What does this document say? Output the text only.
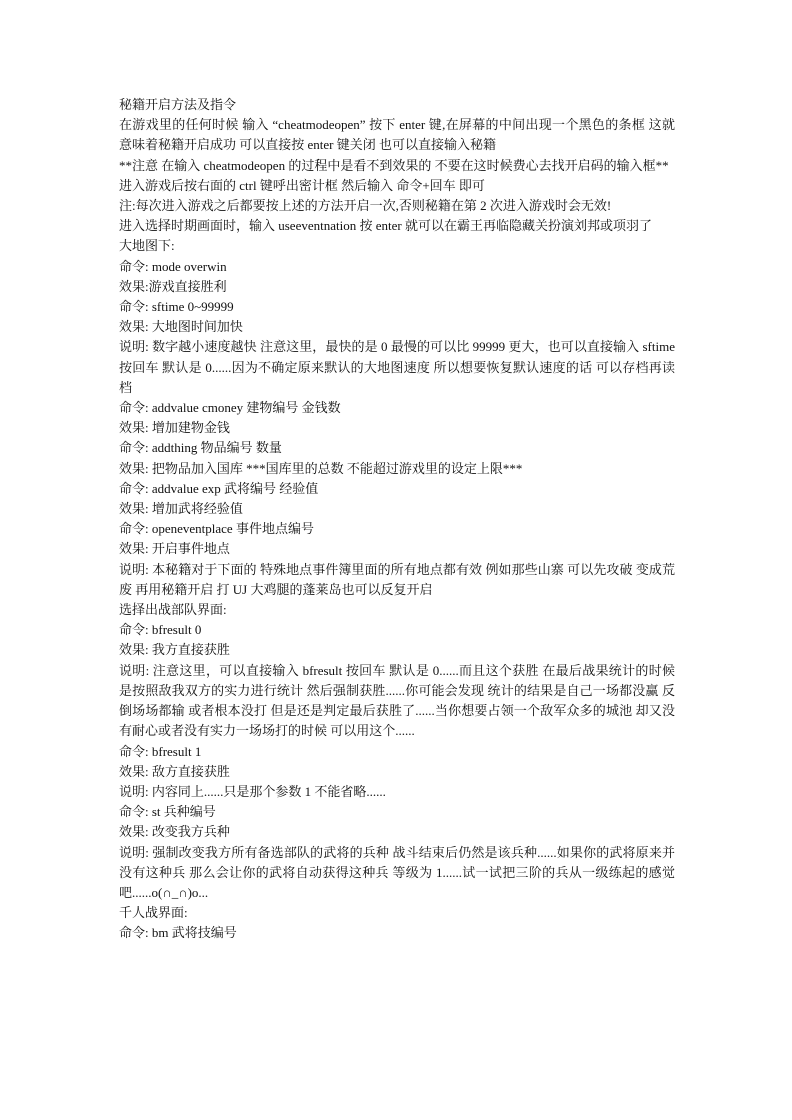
秘籍开启方法及指令

在游戏里的任何时候 输入 “cheatmodeopen” 按下 enter 键,在屏幕的中间出现一个黑色的条框 这就意味着秘籍开启成功 可以直接按 enter 键关闭 也可以直接输入秘籍

**注意 在输入 cheatmodeopen 的过程中是看不到效果的 不要在这时候费心去找开启码的输入框**

进入游戏后按右面的 ctrl 键呼出密计框 然后输入 命令+回车 即可

注:每次进入游戏之后都要按上述的方法开启一次,否则秘籍在第 2 次进入游戏时会无效!

进入选择时期画面时，输入 useeventnation 按 enter 就可以在霸王再临隐藏关扮演刘邦或项羽了

大地图下:

命令: mode overwin

效果:游戏直接胜利

命令: sftime 0~99999

效果: 大地图时间加快

说明: 数字越小速度越快 注意这里，最快的是 0 最慢的可以比 99999 更大，也可以直接输入 sftime 按回车 默认是 0......因为不确定原来默认的大地图速度 所以想要恢复默认速度的话 可以存档再读档

命令: addvalue cmoney 建物编号 金钱数

效果: 增加建物金钱

命令: addthing 物品编号 数量

效果: 把物品加入国库 ***国库里的总数 不能超过游戏里的设定上限***

命令: addvalue exp 武将编号 经验值

效果: 增加武将经验值

命令: openeventplace 事件地点编号

效果: 开启事件地点

说明: 本秘籍对于下面的 特殊地点事件簿里面的所有地点都有效 例如那些山寨 可以先攻破 变成荒废 再用秘籍开启 打 UJ 大鸡腿的蓬莱岛也可以反复开启

选择出战部队界面:

命令: bfresult 0

效果: 我方直接获胜

说明: 注意这里，可以直接输入 bfresult 按回车 默认是 0......而且这个获胜 在最后战果统计的时候 是按照敌我双方的实力进行统计 然后强制获胜......你可能会发现 统计的结果是自己一场都没赢 反倒场场都输 或者根本没打 但是还是判定最后获胜了......当你想要占领一个敌军众多的城池 却又没有耐心或者没有实力一场场打的时候 可以用这个......

命令: bfresult 1

效果: 敌方直接获胜

说明: 内容同上......只是那个参数 1 不能省略......

命令: st 兵种编号

效果: 改变我方兵种

说明: 强制改变我方所有备选部队的武将的兵种 战斗结束后仍然是该兵种......如果你的武将原来并没有这种兵 那么会让你的武将自动获得这种兵 等级为 1......试一试把三阶的兵从一级练起的感觉吧......o(∩_∩)o...

千人战界面:

命令: bm 武将技编号
